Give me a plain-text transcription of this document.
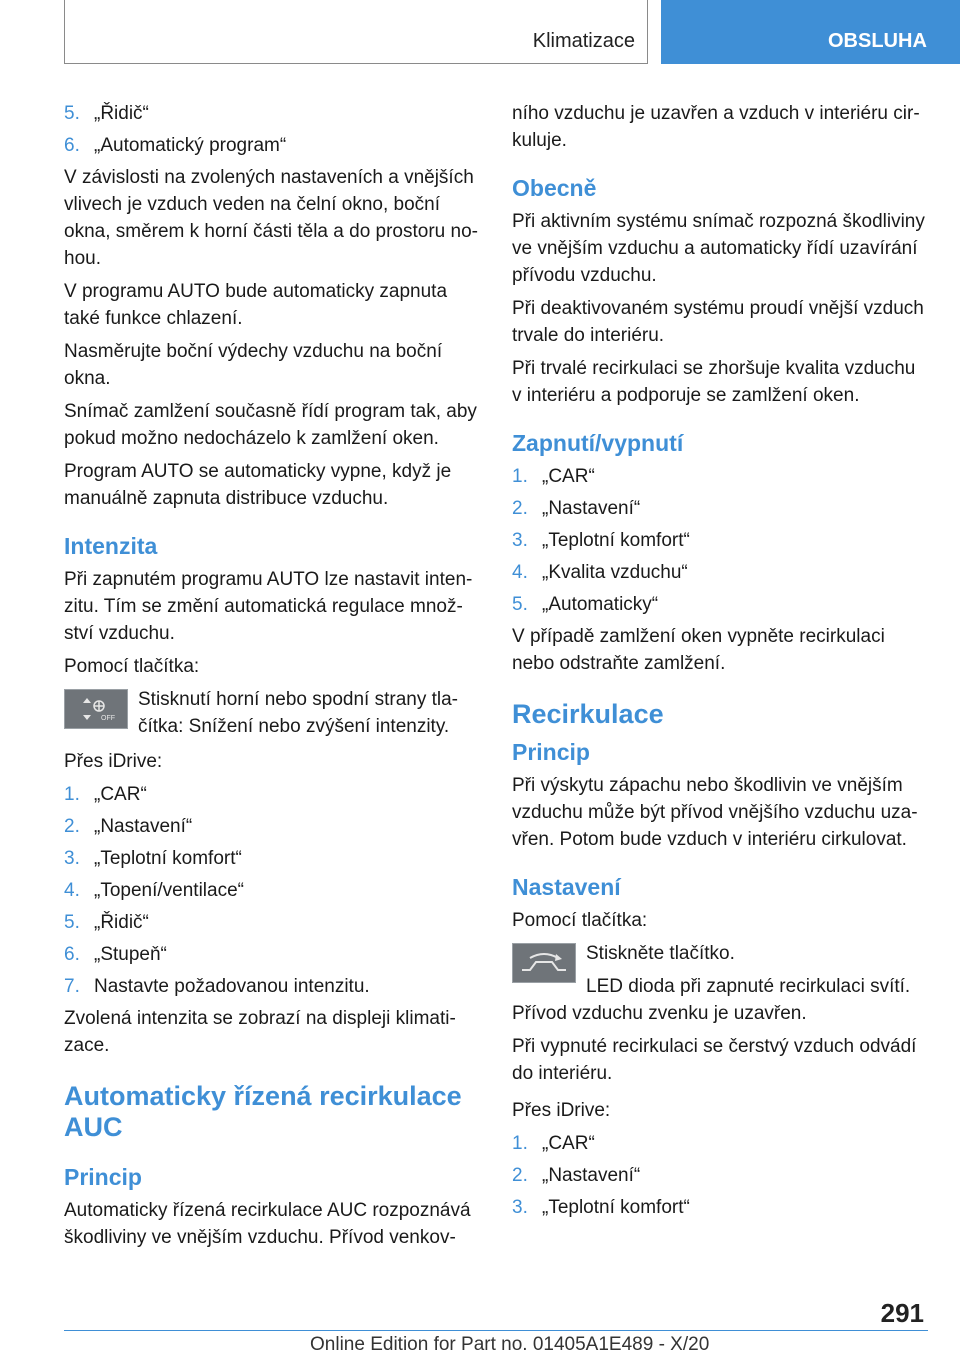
Klimatizace	OBSLUHA
5. „Řidič“
6. „Automatický program“

V závislosti na zvolených nastaveních a vnějších vlivech je vzduch veden na čelní okno, boční okna, směrem k horní části těla a do prostoru no-hou.

V programu AUTO bude automaticky zapnuta také funkce chlazení.

Nasměrujte boční výdechy vzduchu na boční okna.

Snímač zamlžení současně řídí program tak, aby pokud možno nedocházelo k zamlžení oken.

Program AUTO se automaticky vypne, když je manuálně zapnuta distribuce vzduchu.

Intenzita

Při zapnutém programu AUTO lze nastavit inten-zitu. Tím se změní automatická regulace množ-ství vzduchu.

Pomocí tlačítka:

OFF
Stisknutí horní nebo spodní strany tla-čítka: Snížení nebo zvýšení intenzity.

Přes iDrive:

1. „CAR“
2. „Nastavení“
3. „Teplotní komfort“
4. „Topení/ventilace“
5. „Řidič“
6. „Stupeň“
7. Nastavte požadovanou intenzitu.

Zvolená intenzita se zobrazí na displeji klimati-zace.

Automaticky řízená recirkulace AUC
Princip

Automaticky řízená recirkulace AUC rozpoznává škodliviny ve vnějším vzduchu. Přívod venkov-

ního vzduchu je uzavřen a vzduch v interiéru cir-kuluje.

Obecně

Při aktivním systému snímač rozpozná škodliviny ve vnějším vzduchu a automaticky řídí uzavírání přívodu vzduchu.

Při deaktivovaném systému proudí vnější vzduch trvale do interiéru.

Při trvalé recirkulaci se zhoršuje kvalita vzduchu v interiéru a podporuje se zamlžení oken.

Zapnutí/vypnutí
1. „CAR“
2. „Nastavení“
3. „Teplotní komfort“
4. „Kvalita vzduchu“
5. „Automaticky“

V případě zamlžení oken vypněte recirkulaci nebo odstraňte zamlžení.

Recirkulace
Princip

Při výskytu zápachu nebo škodlivin ve vnějším vzduchu může být přívod vnějšího vzduchu uza-vřen. Potom bude vzduch v interiéru cirkulovat.

Nastavení

Pomocí tlačítka:

Stiskněte tlačítko.
LED dioda při zapnuté recirkulaci svítí.

Přívod vzduchu zvenku je uzavřen.

Při vypnuté recirkulaci se čerstvý vzduch odvádí do interiéru.

Přes iDrive:

1. „CAR“
2. „Nastavení“
3. „Teplotní komfort“
291
Online Edition for Part no. 01405A1E489 - X/20
